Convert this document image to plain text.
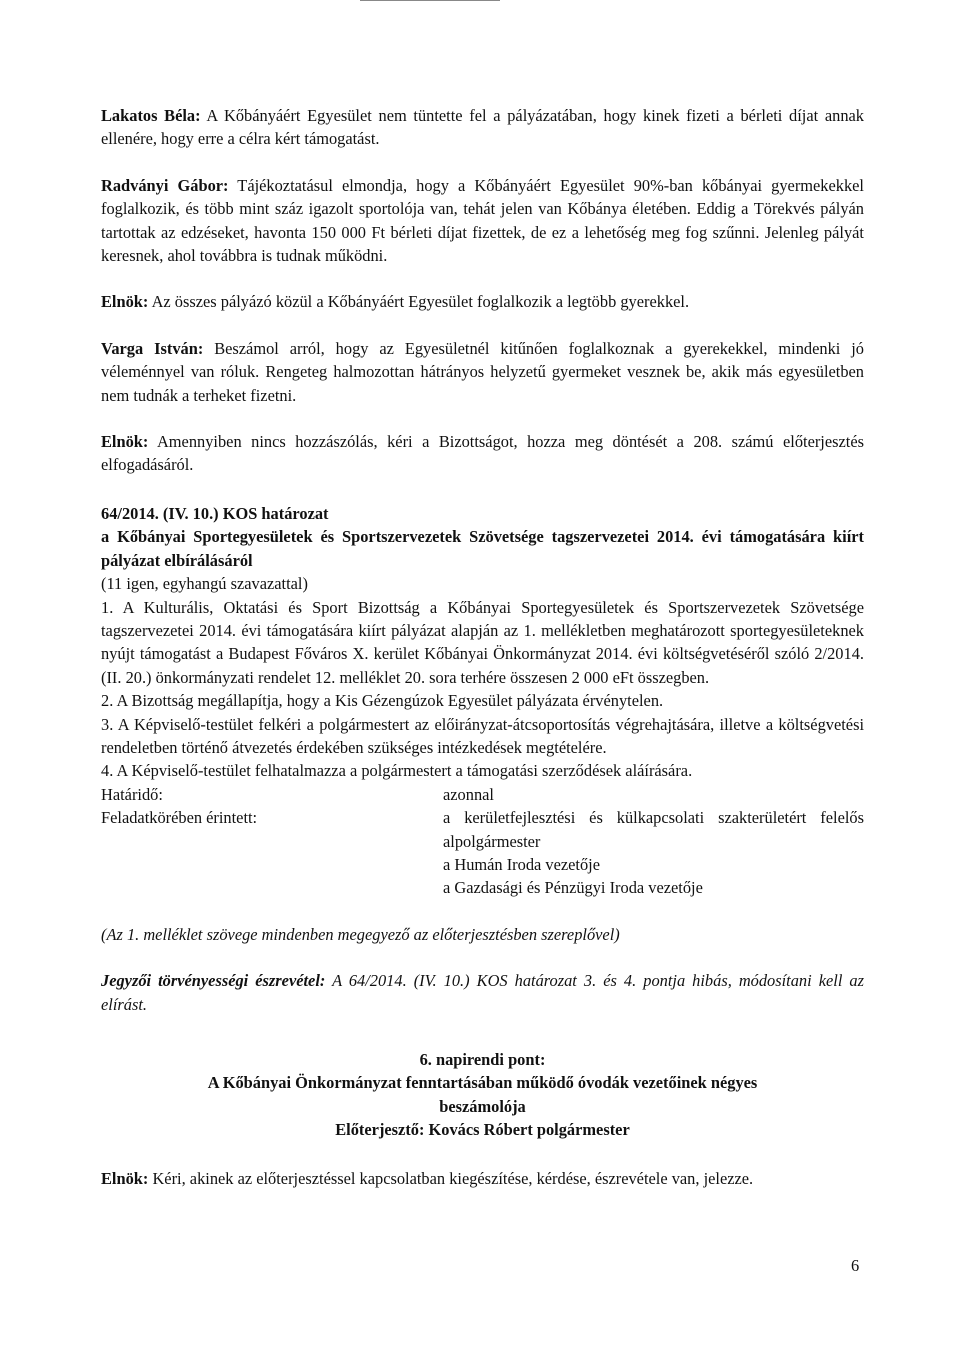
Lakatos Béla: A Kőbányáért Egyesület nem tüntette fel a pályázatában, hogy kinek fizeti a bérleti díjat annak ellenére, hogy erre a célra kért támogatást.

Radványi Gábor: Tájékoztatásul elmondja, hogy a Kőbányáért Egyesület 90%-ban kőbányai gyermekekkel foglalkozik, és több mint száz igazolt sportolója van, tehát jelen van Kőbánya életében. Eddig a Törekvés pályán tartottak az edzéseket, havonta 150 000 Ft bérleti díjat fizettek, de ez a lehetőség meg fog szűnni. Jelenleg pályát keresnek, ahol továbbra is tudnak működni.

Elnök: Az összes pályázó közül a Kőbányáért Egyesület foglalkozik a legtöbb gyerekkel.

Varga István: Beszámol arról, hogy az Egyesületnél kitűnően foglalkoznak a gyerekekkel, mindenki jó véleménnyel van róluk. Rengeteg halmozottan hátrányos helyzetű gyermeket vesznek be, akik más egyesületben nem tudnák a terheket fizetni.

Elnök: Amennyiben nincs hozzászólás, kéri a Bizottságot, hozza meg döntését a 208. számú előterjesztés elfogadásáról.

64/2014. (IV. 10.) KOS határozat

a Kőbányai Sportegyesületek és Sportszervezetek Szövetsége tagszervezetei 2014. évi támogatására kiírt pályázat elbírálásáról

(11 igen, egyhangú szavazattal)

1. A Kulturális, Oktatási és Sport Bizottság a Kőbányai Sportegyesületek és Sportszervezetek Szövetsége tagszervezetei 2014. évi támogatására kiírt pályázat alapján az 1. mellékletben meghatározott sportegyesületeknek nyújt támogatást a Budapest Főváros X. kerület Kőbányai Önkormányzat 2014. évi költségvetéséről szóló 2/2014. (II. 20.) önkormányzati rendelet 12. melléklet 20. sora terhére összesen 2 000 eFt összegben.

2. A Bizottság megállapítja, hogy a Kis Gézengúzok Egyesület pályázata érvénytelen.

3. A Képviselő-testület felkéri a polgármestert az előirányzat-átcsoportosítás végrehajtására, illetve a költségvetési rendeletben történő átvezetés érdekében szükséges intézkedések megtételére.

4. A Képviselő-testület felhatalmazza a polgármestert a támogatási szerződések aláírására.

Határidő:	azonnal
Feladatkörében érintett:	a kerületfejlesztési és külkapcsolati szakterületért felelős alpolgármester

a Humán Iroda vezetője

a Gazdasági és Pénzügyi Iroda vezetője

(Az 1. melléklet szövege mindenben megegyező az előterjesztésben szereplővel)

Jegyzői törvényességi észrevétel: A 64/2014. (IV. 10.) KOS határozat 3. és 4. pontja hibás, módosítani kell az elírást.

6. napirendi pont:

A Kőbányai Önkormányzat fenntartásában működő óvodák vezetőinek négyes

beszámolója

Előterjesztő: Kovács Róbert polgármester

Elnök: Kéri, akinek az előterjesztéssel kapcsolatban kiegészítése, kérdése, észrevétele van, jelezze.

6
